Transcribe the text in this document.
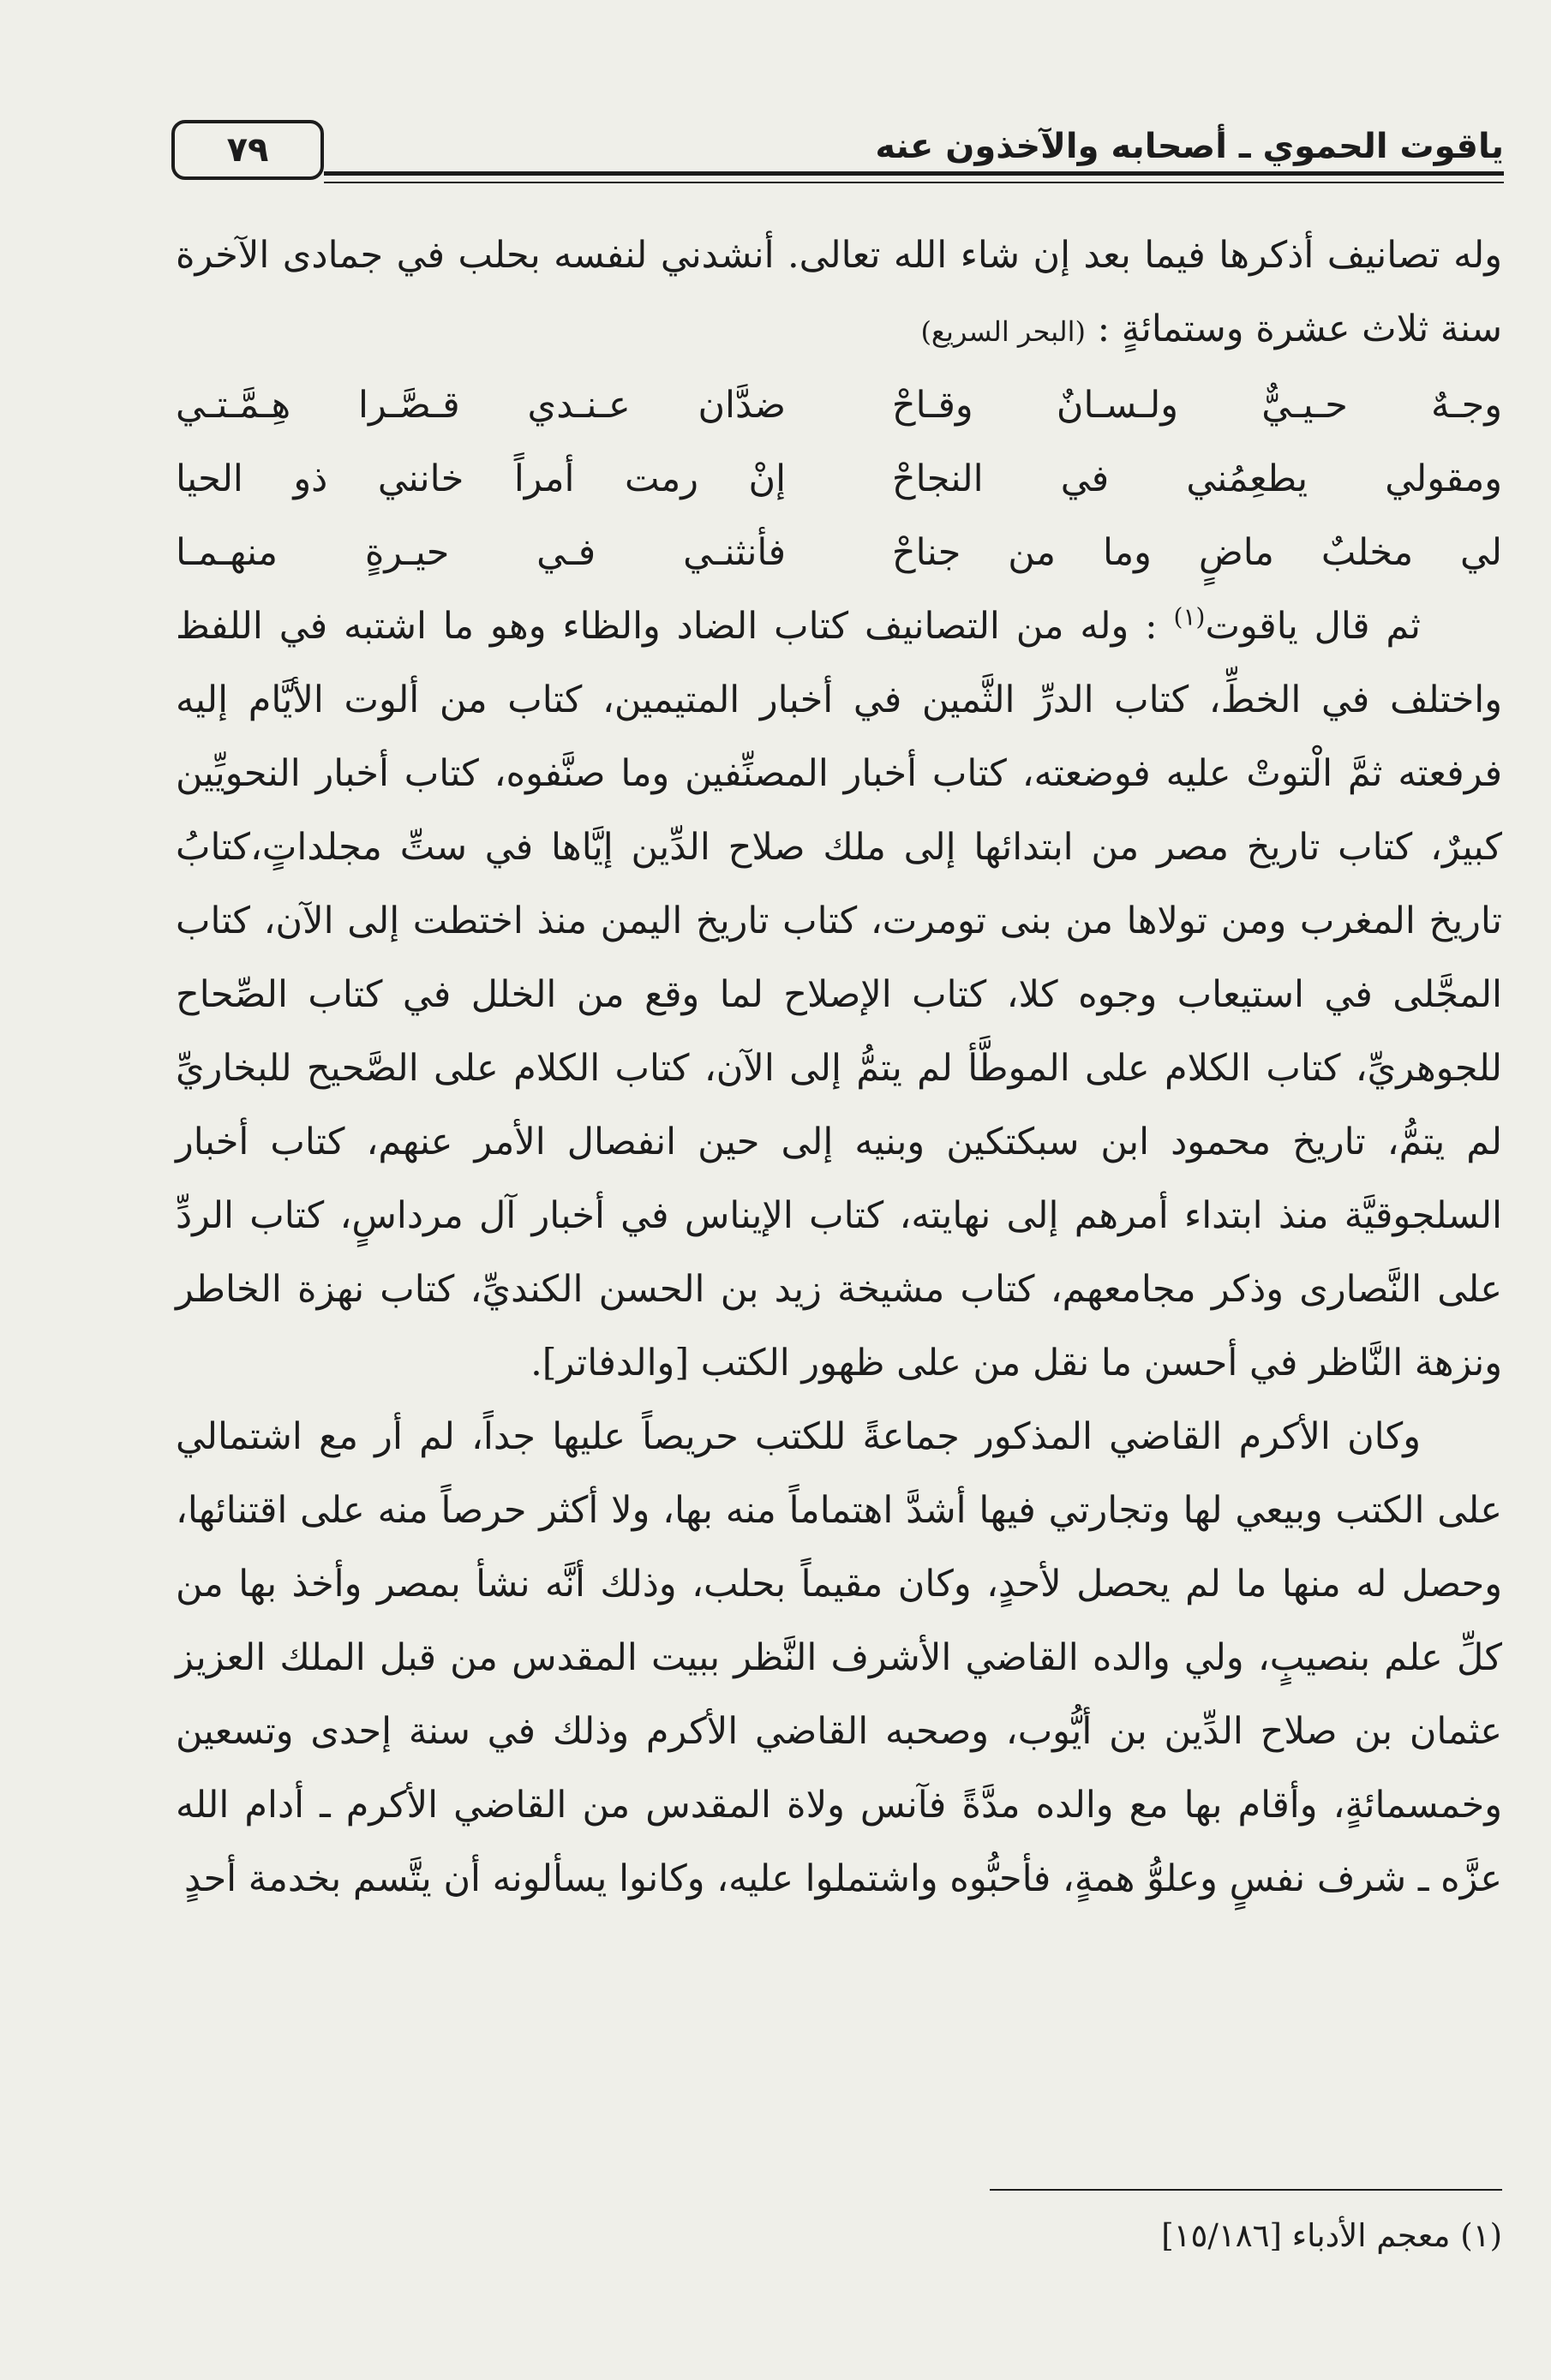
ياقوت الحموي ـ أصحابه والآخذون عنه
٧٩

وله تصانيف أذكرها فيما بعد إن شاء الله تعالى. أنشدني لنفسه بحلب في جمادى الآخرة سنة ثلاث عشرة وستمائةٍ : (البحر السريع)

ضدَّان عـنـدي قـصَّـرا هِـمَّـتـي	وجـهٌ حـيـيٌّ ولـسـانٌ وقـاحْ
إنْ رمت أمراً خانني ذو الحيا	ومقولي يطعِمُني في النجاحْ
فأنثنـي فـي حيـرةٍ منهـمـا	لي مخلبٌ ماضٍ وما من جناحْ

ثم قال ياقوت$^{(١)}$ : وله من التصانيف كتاب الضاد والظاء وهو ما اشتبه في اللفظ واختلف في الخطِّ، كتاب الدرِّ الثَّمين في أخبار المتيمين، كتاب من ألوت الأيَّام إليه فرفعته ثمَّ الْتوتْ عليه فوضعته، كتاب أخبار المصنِّفين وما صنَّفوه، كتاب أخبار النحويِّين كبيرٌ، كتاب تاريخ مصر من ابتدائها إلى ملك صلاح الدِّين إيَّاها في ستِّ مجلداتٍ،كتابُ تاريخ المغرب ومن تولاها من بنى تومرت، كتاب تاريخ اليمن منذ اختطت إلى الآن، كتاب المجَّلى في استيعاب وجوه كلا، كتاب الإصلاح لما وقع من الخلل في كتاب الصِّحاح للجوهريِّ، كتاب الكلام على الموطَّأ لم يتمُّ إلى الآن، كتاب الكلام على الصَّحيح للبخاريِّ لم يتمُّ، تاريخ محمود ابن سبكتكين وبنيه إلى حين انفصال الأمر عنهم، كتاب أخبار السلجوقيَّة منذ ابتداء أمرهم إلى نهايته، كتاب الإيناس في أخبار آل مرداسٍ، كتاب الردِّ على النَّصارى وذكر مجامعهم، كتاب مشيخة زيد بن الحسن الكنديِّ، كتاب نهزة الخاطر ونزهة النَّاظر في أحسن ما نقل من على ظهور الكتب [والدفاتر].

وكان الأكرم القاضي المذكور جماعةً للكتب حريصاً عليها جداً، لم أر مع اشتمالي على الكتب وبيعي لها وتجارتي فيها أشدَّ اهتماماً منه بها، ولا أكثر حرصاً منه على اقتنائها، وحصل له منها ما لم يحصل لأحدٍ، وكان مقيماً بحلب، وذلك أنَّه نشأ بمصر وأخذ بها من كلِّ علم بنصيبٍ، ولي والده القاضي الأشرف النَّظر ببيت المقدس من قبل الملك العزيز عثمان بن صلاح الدِّين بن أيُّوب، وصحبه القاضي الأكرم وذلك في سنة إحدى وتسعين وخمسمائةٍ، وأقام بها مع والده مدَّةً فآنس ولاة المقدس من القاضي الأكرم ـ أدام الله عزَّه ـ شرف نفسٍ وعلوُّ همةٍ، فأحبُّوه واشتملوا عليه، وكانوا يسألونه أن يتَّسم بخدمة أحدٍ

(١) معجم الأدباء [١٥/١٨٦]
